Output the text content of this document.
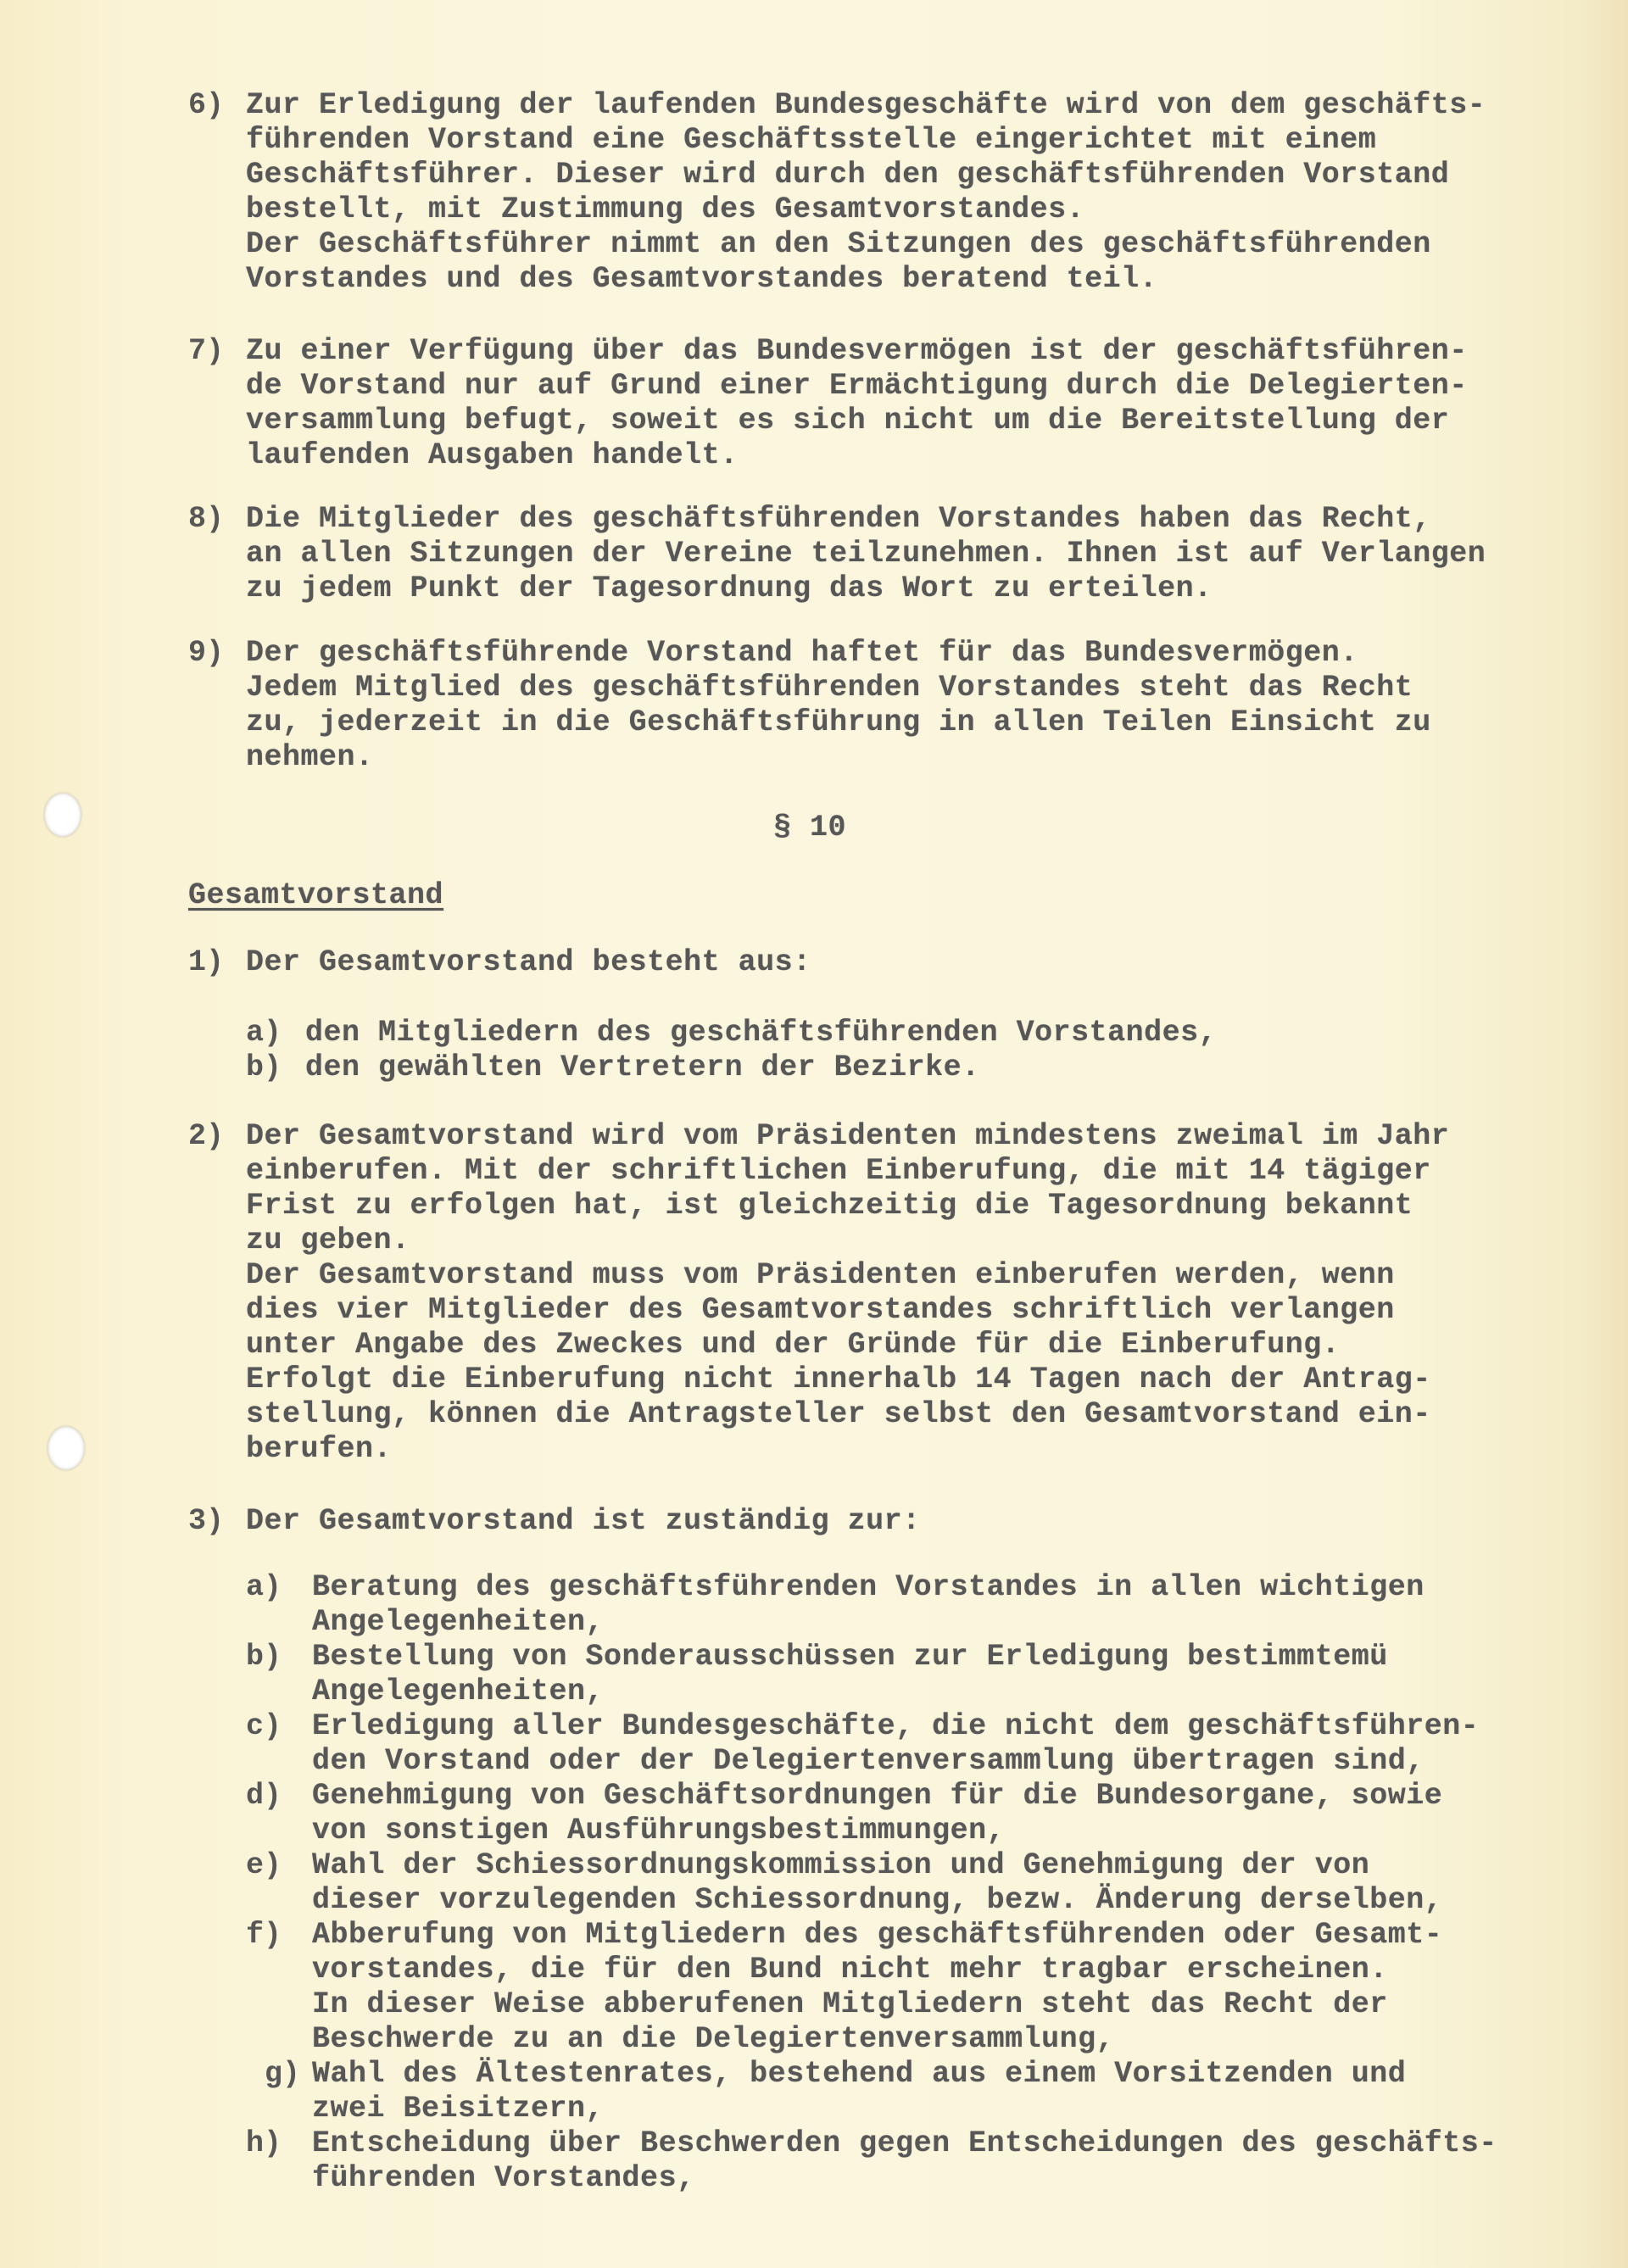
6) Zur Erledigung der laufenden Bundesgeschäfte wird von dem geschäfts-
führenden Vorstand eine Geschäftsstelle eingerichtet mit einem
Geschäftsführer. Dieser wird durch den geschäftsführenden Vorstand
bestellt, mit Zustimmung des Gesamtvorstandes.
Der Geschäftsführer nimmt an den Sitzungen des geschäftsführenden
Vorstandes und des Gesamtvorstandes beratend teil.
7) Zu einer Verfügung über das Bundesvermögen ist der geschäftsführen-
de Vorstand nur auf Grund einer Ermächtigung durch die Delegierten-
versammlung befugt, soweit es sich nicht um die Bereitstellung der
laufenden Ausgaben handelt.
8) Die Mitglieder des geschäftsführenden Vorstandes haben das Recht,
an allen Sitzungen der Vereine teilzunehmen. Ihnen ist auf Verlangen
zu jedem Punkt der Tagesordnung das Wort zu erteilen.
9) Der geschäftsführende Vorstand haftet für das Bundesvermögen.
Jedem Mitglied des geschäftsführenden Vorstandes steht das Recht
zu, jederzeit in die Geschäftsführung in allen Teilen Einsicht zu
nehmen.
§ 10
Gesamtvorstand
1) Der Gesamtvorstand besteht aus:
a) den Mitgliedern des geschäftsführenden Vorstandes,
b) den gewählten Vertretern der Bezirke.
2) Der Gesamtvorstand wird vom Präsidenten mindestens zweimal im Jahr
einberufen. Mit der schriftlichen Einberufung, die mit 14 tägiger
Frist zu erfolgen hat, ist gleichzeitig die Tagesordnung bekannt
zu geben.
Der Gesamtvorstand muss vom Präsidenten einberufen werden, wenn
dies vier Mitglieder des Gesamtvorstandes schriftlich verlangen
unter Angabe des Zweckes und der Gründe für die Einberufung.
Erfolgt die Einberufung nicht innerhalb 14 Tagen nach der Antrag-
stellung, können die Antragsteller selbst den Gesamtvorstand ein-
berufen.
3) Der Gesamtvorstand ist zuständig zur:
a) Beratung des geschäftsführenden Vorstandes in allen wichtigen
Angelegenheiten,
b) Bestellung von Sonderausschüssen zur Erledigung bestimmtemü
Angelegenheiten,
c) Erledigung aller Bundesgeschäfte, die nicht dem geschäftsführen-
den Vorstand oder der Delegiertenversammlung übertragen sind,
d) Genehmigung von Geschäftsordnungen für die Bundesorgane, sowie
von sonstigen Ausführungsbestimmungen,
e) Wahl der Schiessordnungskommission und Genehmigung der von
dieser vorzulegenden Schiessordnung, bezw. Änderung derselben,
f) Abberufung von Mitgliedern des geschäftsführenden oder Gesamt-
vorstandes, die für den Bund nicht mehr tragbar erscheinen.
In dieser Weise abberufenen Mitgliedern steht das Recht der
Beschwerde zu an die Delegiertenversammlung,
g) Wahl des Ältestenrates, bestehend aus einem Vorsitzenden und
zwei Beisitzern,
h) Entscheidung über Beschwerden gegen Entscheidungen des geschäfts-
führenden Vorstandes,
